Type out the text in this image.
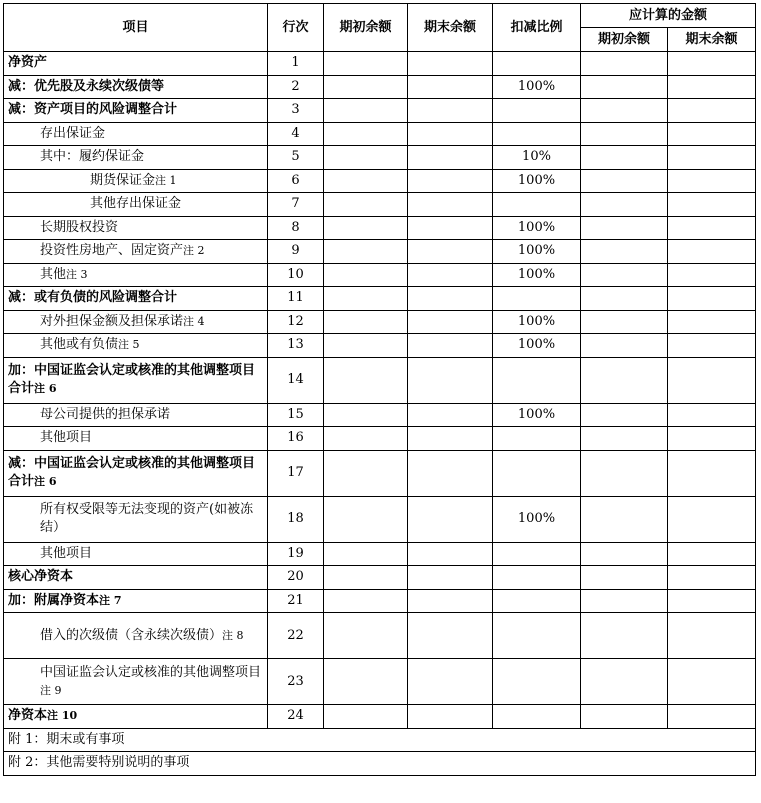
项目	行次	期初余额	期末余额	扣减比例	应计算的金额	
					期初余额	期末余额
净资产	1					
减：优先股及永续次级债等	2			100%		
减：资产项目的风险调整合计	3					
存出保证金	4					
其中：履约保证金	5			10%		
期货保证金注 1	6			100%		
其他存出保证金	7					
长期股权投资	8			100%		
投资性房地产、固定资产注 2	9			100%		
其他注 3	10			100%		
减：或有负债的风险调整合计	11					
对外担保金额及担保承诺注 4	12			100%		
其他或有负债注 5	13			100%		
加：中国证监会认定或核准的其他调整项目合计注 6	14					
母公司提供的担保承诺	15			100%		
其他项目	16					
减：中国证监会认定或核准的其他调整项目合计注 6	17					
所有权受限等无法变现的资产(如被冻结）	18			100%		
其他项目	19					
核心净资本	20					
加：附属净资本注 7	21					
借入的次级债（含永续次级债）注 8	22					
中国证监会认定或核准的其他调整项目注 9	23					
净资本注 10	24					
附 1：期末或有事项						
附 2：其他需要特别说明的事项						
